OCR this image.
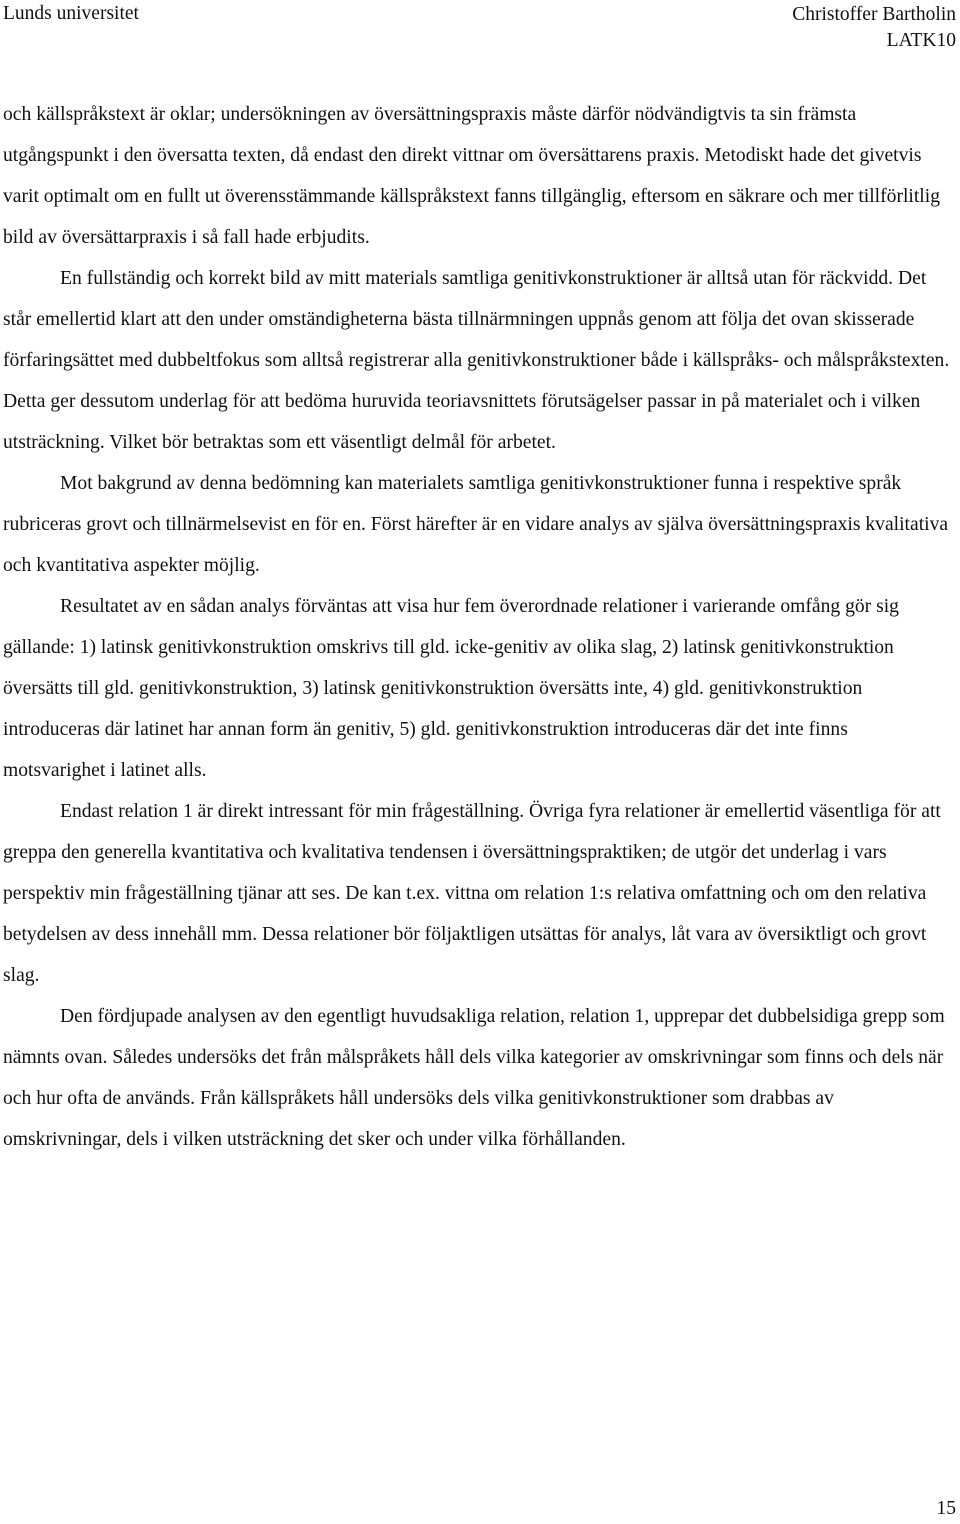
Lunds universitet	Christoffer Bartholin
LATK10

och källspråkstext är oklar; undersökningen av översättningspraxis måste därför nödvändigtvis ta sin främsta utgångspunkt i den översatta texten, då endast den direkt vittnar om översättarens praxis. Metodiskt hade det givetvis varit optimalt om en fullt ut överensstämmande källspråkstext fanns tillgänglig, eftersom en säkrare och mer tillförlitlig bild av översättarpraxis i så fall hade erbjudits.

En fullständig och korrekt bild av mitt materials samtliga genitivkonstruktioner är alltså utan för räckvidd. Det står emellertid klart att den under omständigheterna bästa tillnärmningen uppnås genom att följa det ovan skisserade förfaringsättet med dubbeltfokus som alltså registrerar alla genitivkonstruktioner både i källspråks- och målspråkstexten. Detta ger dessutom underlag för att bedöma huruvida teoriavsnittets förutsägelser passar in på materialet och i vilken utsträckning. Vilket bör betraktas som ett väsentligt delmål för arbetet.

Mot bakgrund av denna bedömning kan materialets samtliga genitivkonstruktioner funna i respektive språk rubriceras grovt och tillnärmelsevist en för en. Först härefter är en vidare analys av själva översättningspraxis kvalitativa och kvantitativa aspekter möjlig.

Resultatet av en sådan analys förväntas att visa hur fem överordnade relationer i varierande omfång gör sig gällande: 1) latinsk genitivkonstruktion omskrivs till gld. icke-genitiv av olika slag, 2) latinsk genitivkonstruktion översätts till gld. genitivkonstruktion, 3) latinsk genitivkonstruktion översätts inte, 4) gld. genitivkonstruktion introduceras där latinet har annan form än genitiv, 5) gld. genitivkonstruktion introduceras där det inte finns motsvarighet i latinet alls.

Endast relation 1 är direkt intressant för min frågeställning. Övriga fyra relationer är emellertid väsentliga för att greppa den generella kvantitativa och kvalitativa tendensen i översättningspraktiken; de utgör det underlag i vars perspektiv min frågeställning tjänar att ses. De kan t.ex. vittna om relation 1:s relativa omfattning och om den relativa betydelsen av dess innehåll mm. Dessa relationer bör följaktligen utsättas för analys, låt vara av översiktligt och grovt slag.

Den fördjupade analysen av den egentligt huvudsakliga relation, relation 1, upprepar det dubbelsidiga grepp som nämnts ovan. Således undersöks det från målspråkets håll dels vilka kategorier av omskrivningar som finns och dels när och hur ofta de används. Från källspråkets håll undersöks dels vilka genitivkonstruktioner som drabbas av omskrivningar, dels i vilken utsträckning det sker och under vilka förhållanden.

15
